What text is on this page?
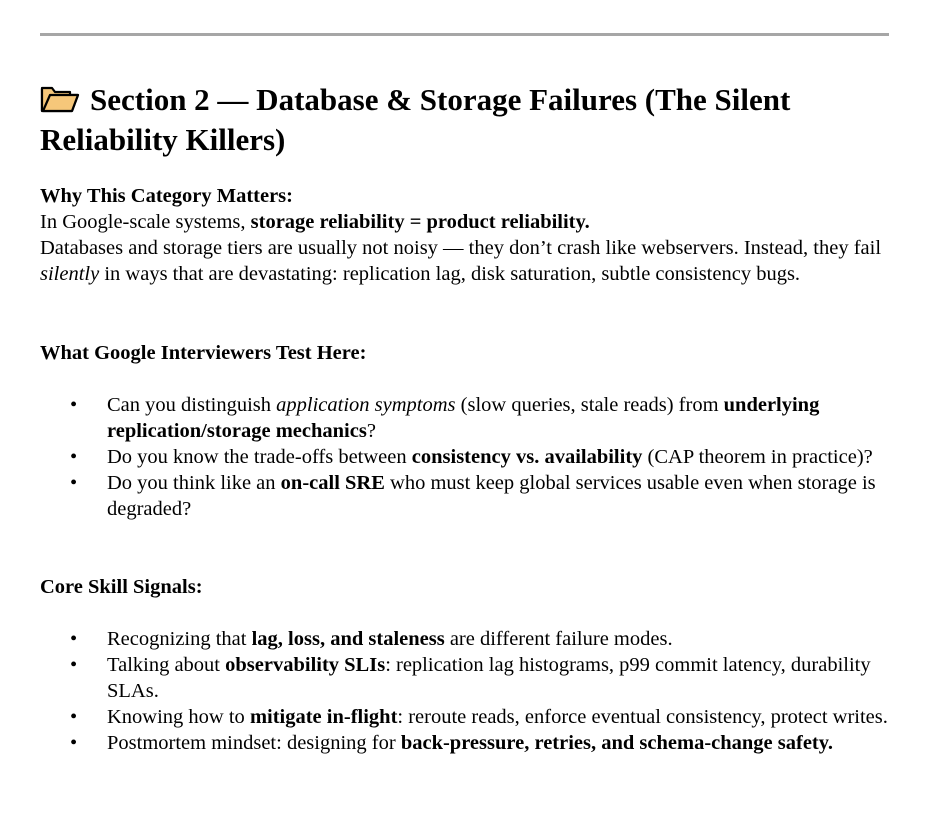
Section 2 — Database & Storage Failures (The Silent Reliability Killers)
Why This Category Matters:
In Google-scale systems, storage reliability = product reliability.
Databases and storage tiers are usually not noisy — they don’t crash like webservers. Instead, they fail silently in ways that are devastating: replication lag, disk saturation, subtle consistency bugs.
What Google Interviewers Test Here:
• Can you distinguish application symptoms (slow queries, stale reads) from underlying replication/storage mechanics?
• Do you know the trade-offs between consistency vs. availability (CAP theorem in practice)?
• Do you think like an on-call SRE who must keep global services usable even when storage is degraded?
Core Skill Signals:
• Recognizing that lag, loss, and staleness are different failure modes.
• Talking about observability SLIs: replication lag histograms, p99 commit latency, durability SLAs.
• Knowing how to mitigate in-flight: reroute reads, enforce eventual consistency, protect writes.
• Postmortem mindset: designing for back-pressure, retries, and schema-change safety.
